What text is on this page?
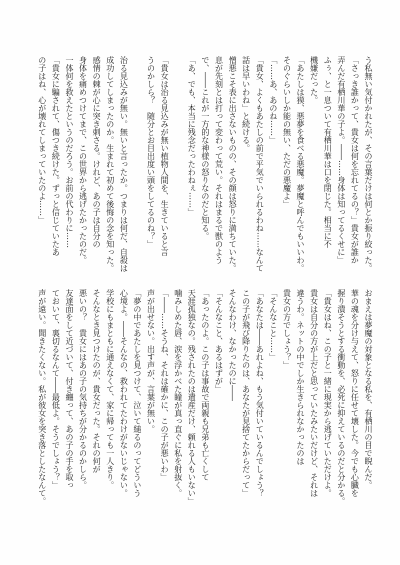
う私無い気付かれたが、その言葉だけは何とか振り絞った。
「さっき誰かって、貴女は何を忘れてるの？」貴女が誰か
弄んだ有栖川華の子よ。――……身体は知ってるくせに」
ふぅ、と一息ついて有栖川華は口を閉じた。相当に不
機嫌だった。
「あたしは獏、悪夢を食べる悪魔。夢魔と呼んでもいいわ。
そのぐらいしか能の無い、ただの悪魔よ」
「……あ、あのね……」
「貴女、よくもあたしの前で平気でいられるわね……なんて
話は早いわね」と続ける。
憎悪こそ表に出さないものの、その顔は怒りに満ちていた。
息が先刻とは打って変わって荒い。それはまるで獣のよう
で、――これが一方的な神様の怒りなのだと知る。
「あ、でも、本当に残念だったわねぇ……」
「貴女は治る見込みが無い植物人間を、生きていると言
うのかしら？　随分とお目出度い頭をしてるのね？」
治る見込みが無い。無いと言ったか。つまりは何だ、自殺は
成功してしまったのか。生まれて初めて後悔の念を知った。
感情の棘が心に突き刺さる。けれど、あの子は自分の
身体を痛めつけてまで、この世界から逃げたかったのだ。
一体何を救えたというのだろう。お前の代わりに……
「貴女に騙されて、傷つき続けた。ずっと信じていたあ
の子はね、心が壊れてしまっていたのよ……」
おまえは夢魔の対象となる私を、有栖川の目で睨んだ。
華の魂を分け与えて、怒りに任せて壊した。今でも心臓を
握り潰そうとする衝動を、必死に抑えているのだと分かる。
「貴女はね、この子と一緒に現実から逃げていただけよ。
貴女は自分の方が上だと思っていたみたいだけど、それは
違うわ。ネットの中でしか生きられなかったのは
貴女の方でしょう？」
「そんなこと……」
「あなたは――あれよね、もう気付いているんでしょう？
この子が飛び降りたのは、あなたが見捨てたからだって」
そんなわけ、なかったのに――
「そんなこと、あるはずが」
「あったのよ。この子は事故で両親も兄弟も亡くして
天涯孤独なの。残されたのは遺産だけ、頼れる人もいない」
噛みしめた唇、涙を浮かべた瞳が真っ直ぐに私を射抜く。
「――……そうね、それは確かに、この子が悪いわ」
声が出せない。出す声が、言葉が無い。
「夢の中であたしを見つけて、泣いて縋るのってどういう
心境よ。――そんなの、救われてたわけがないじゃない。
学校にもまともに通えなくて、家に帰っても一人きり。
そんなとき見つけたのが、貴女だった。それの何が
悪いの？　貴女にはあの子の気持ちが分かるのかしら。
友達面をして近づいて、付き纏って、あの子の手を取っ
ておいて、裏切るなんて――最低よ。そうでしょう？」
声が遠い。聞きたくない。私が彼女を突き落としたなんて。
